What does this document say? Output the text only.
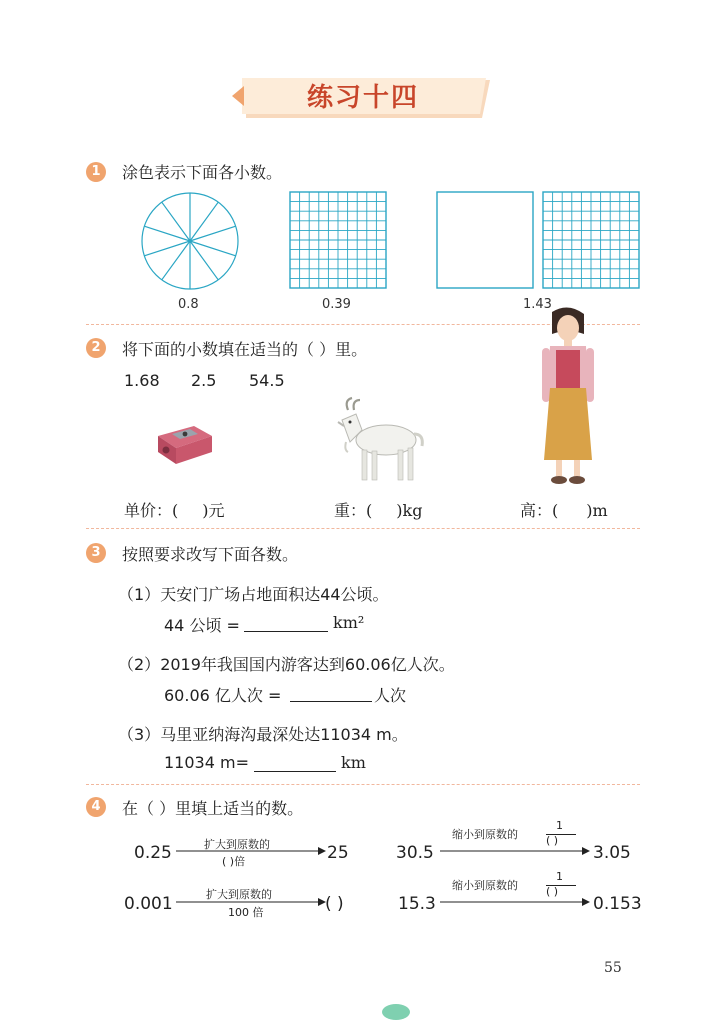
练习十四
1	涂色表示下面各小数。
0.8	0.39	1.43
2	将下面的小数填在适当的（ ）里。
1.68 2.5 54.5
单价：( )元	重：( )kg	高：( )m
3	按照要求改写下面各数。
（1）天安门广场占地面积达44公顷。
44 公顷 =	km²
（2）2019年我国国内游客达到60.06亿人次。
60.06 亿人次 =	人次
（3）马里亚纳海沟最深处达11034 m。
11034 m=	km
4	在（ ）里填上适当的数。
0.25	扩大到原数的
( )倍	25	30.5
缩小到原数的
1
( )
3.05
0.001	扩大到原数的
100 倍	( )	15.3
缩小到原数的
1
( )
0.153
55
